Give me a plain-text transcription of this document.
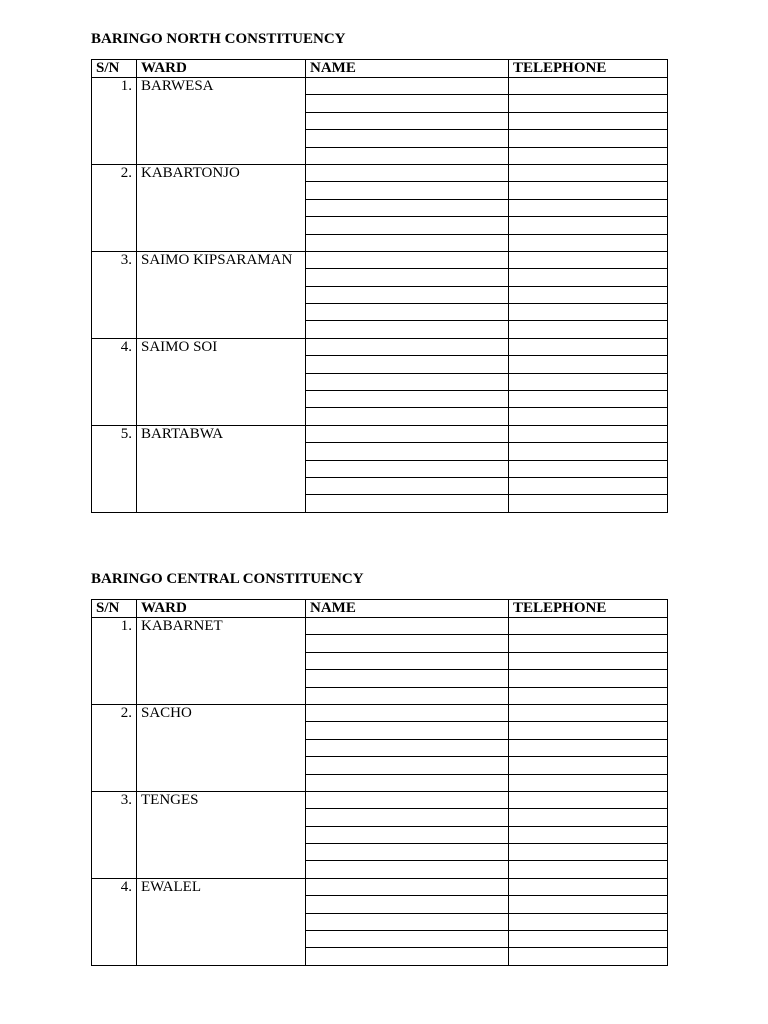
BARINGO NORTH CONSTITUENCY
S/N	WARD	NAME	TELEPHONE
1.	BARWESA		

2.	KABARTONJO		

3.	SAIMO KIPSARAMAN		

4.	SAIMO SOI		

5.	BARTABWA		

BARINGO CENTRAL CONSTITUENCY
S/N	WARD	NAME	TELEPHONE
1.	KABARNET		

2.	SACHO		

3.	TENGES		

4.	EWALEL		
